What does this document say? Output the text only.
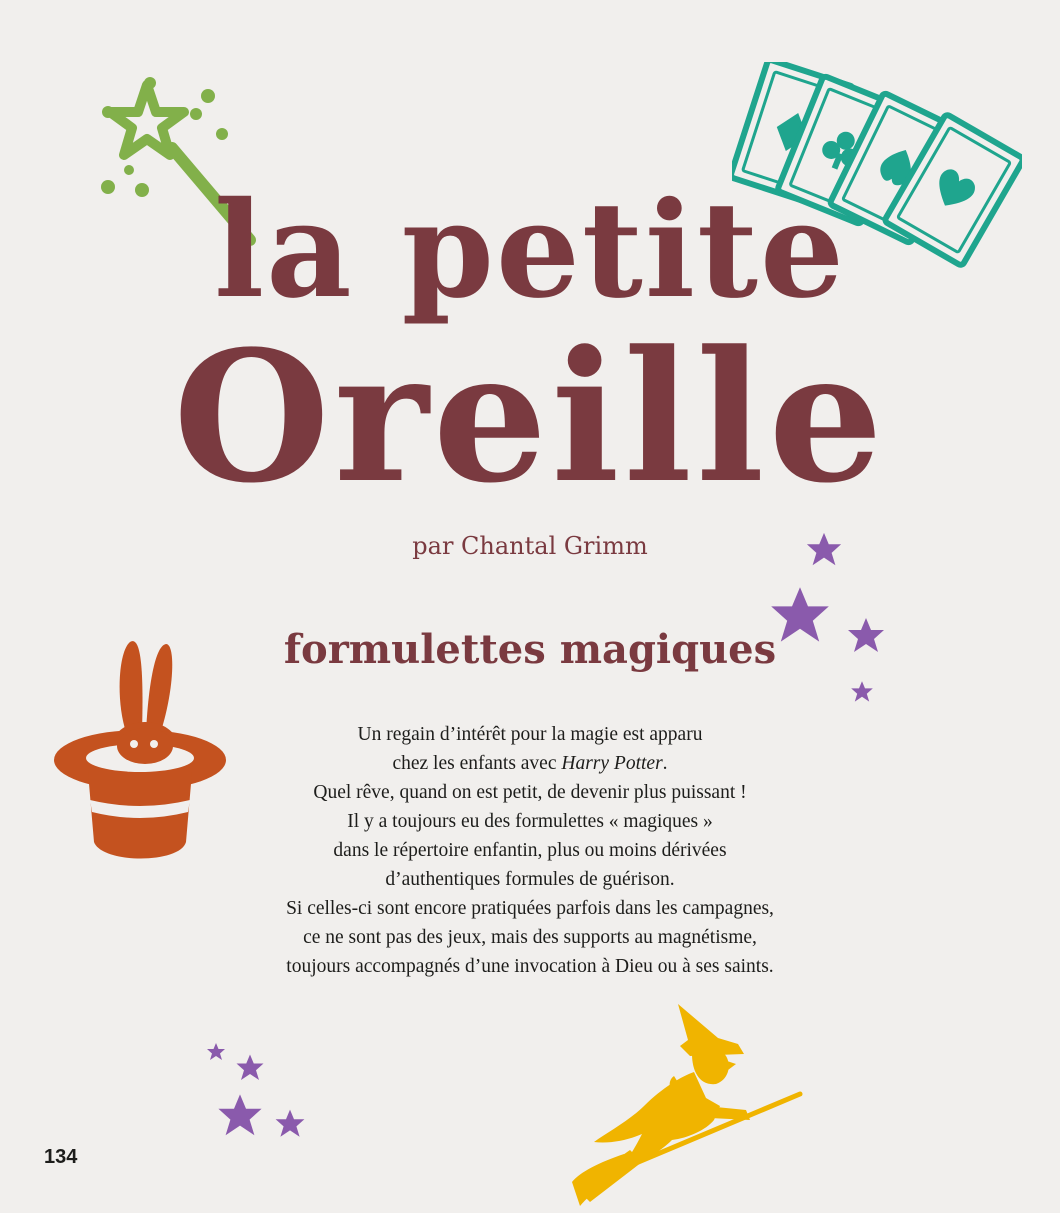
la petite
Oreille
par Chantal Grimm
formulettes magiques
Un regain d’intérêt pour la magie est apparu
chez les enfants avec Harry Potter.
Quel rêve, quand on est petit, de devenir plus puissant !
Il y a toujours eu des formulettes « magiques »
dans le répertoire enfantin, plus ou moins dérivées
d’authentiques formules de guérison.
Si celles-ci sont encore pratiquées parfois dans les campagnes,
ce ne sont pas des jeux, mais des supports au magnétisme,
toujours accompagnés d’une invocation à Dieu ou à ses saints.
134
